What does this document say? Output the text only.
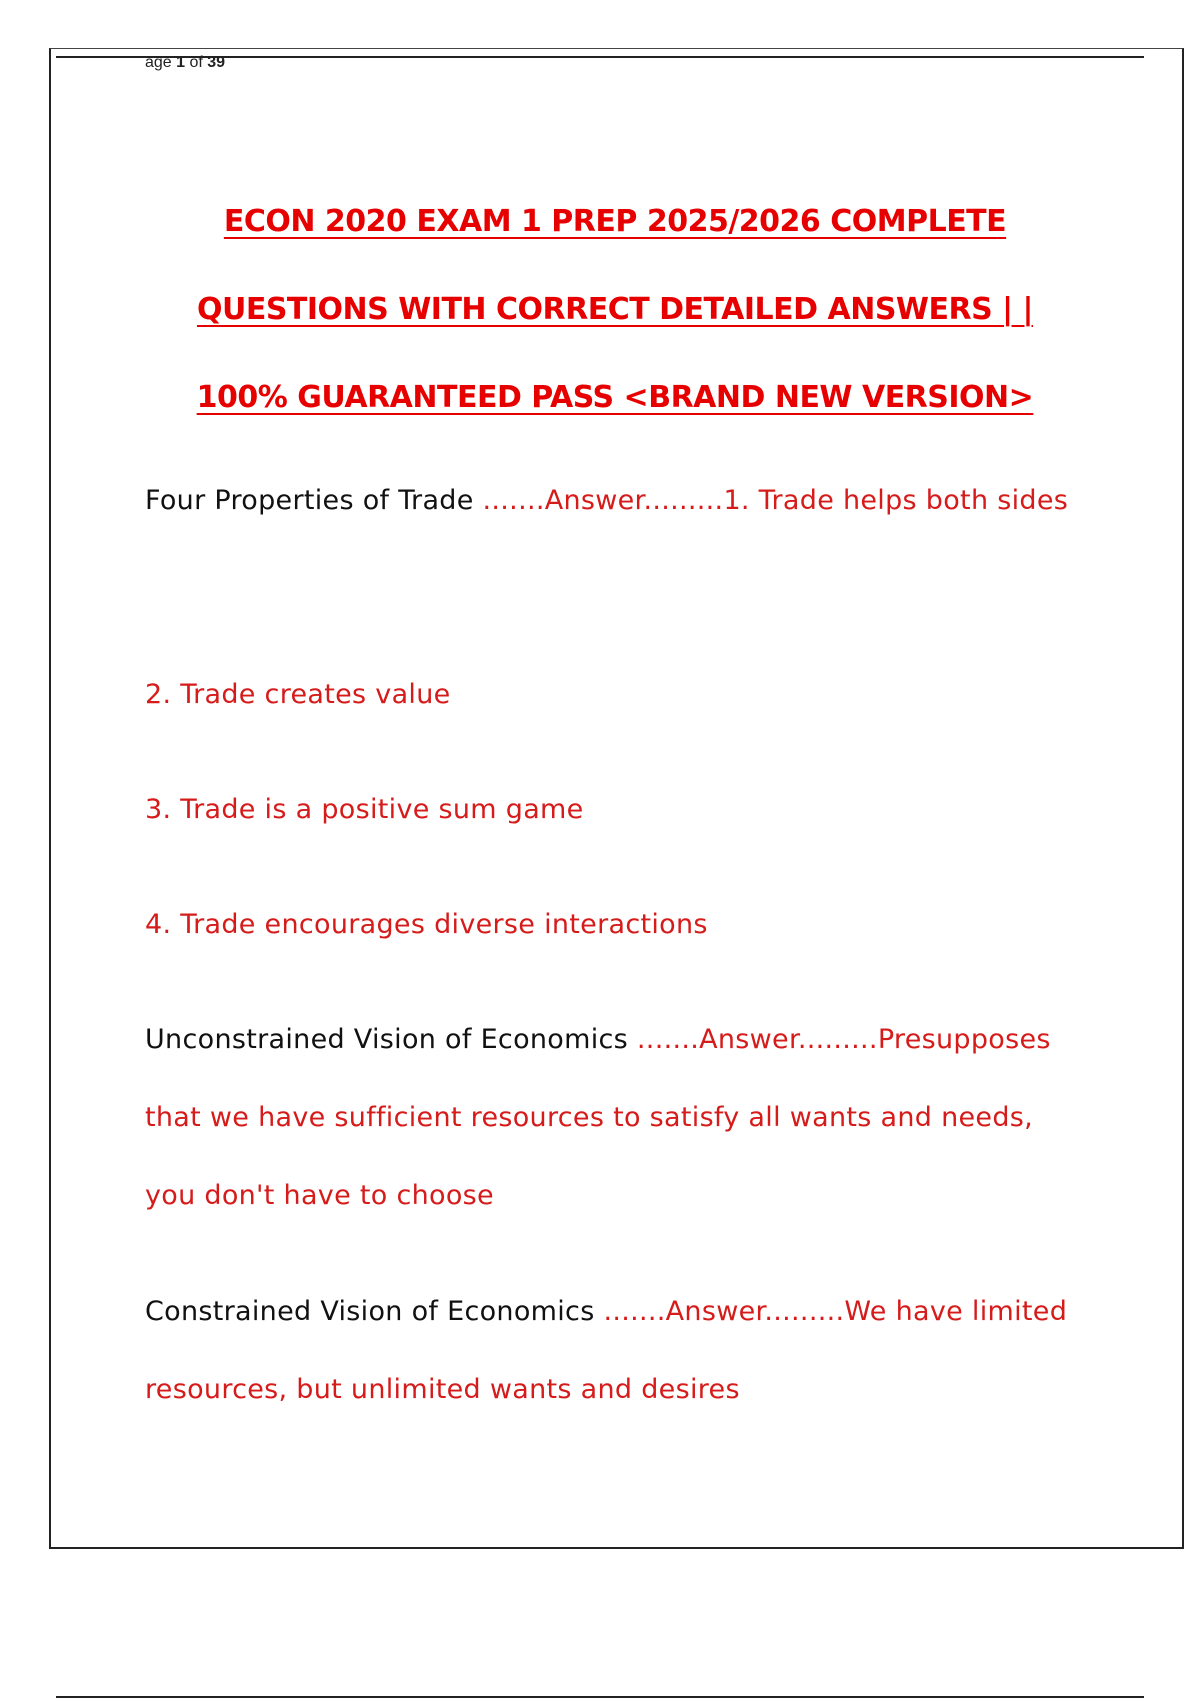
age 1 of 39
ECON 2020 EXAM 1 PREP 2025/2026 COMPLETE
QUESTIONS WITH CORRECT DETAILED ANSWERS | |
100% GUARANTEED PASS <BRAND NEW VERSION>
Four Properties of Trade .......Answer.........1. Trade helps both sides
2. Trade creates value
3. Trade is a positive sum game
4. Trade encourages diverse interactions
Unconstrained Vision of Economics .......Answer.........Presupposes that we have sufficient resources to satisfy all wants and needs, you don't have to choose
Constrained Vision of Economics .......Answer.........We have limited resources, but unlimited wants and desires
